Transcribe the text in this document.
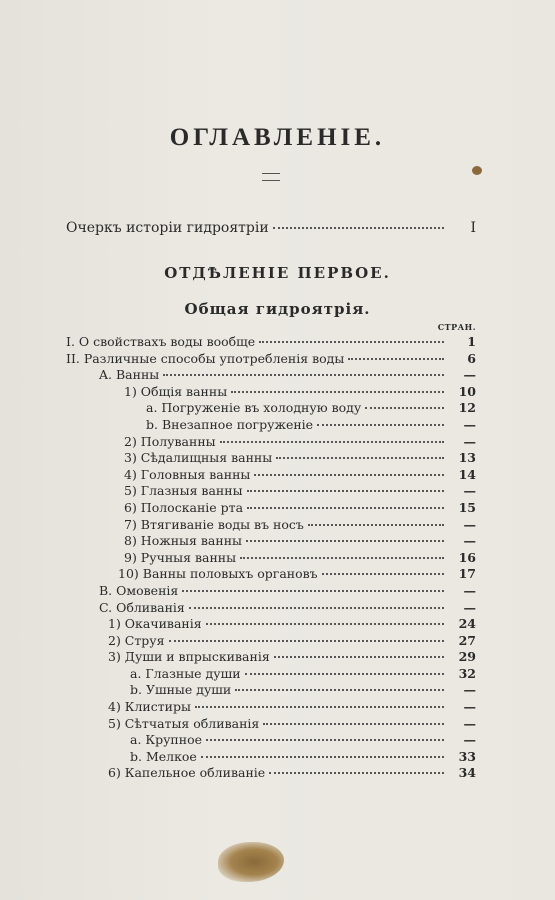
ОГЛАВЛЕНІЕ.
Очеркъ исторіи гидроятріи	I
ОТДѢЛЕНІЕ ПЕРВОЕ.
Общая гидроятрія.
СТРАН.
I. О свойствахъ воды вообще	1
II. Различные способы употребленія воды	6
A. Ванны	—
1) Общія ванны	10
a. Погруженіе въ холодную воду	12
b. Внезапное погруженіе	—
2) Полуванны	—
3) Сѣдалищныя ванны	13
4) Головныя ванны	14
5) Глазныя ванны	—
6) Полосканіе рта	15
7) Втягиваніе воды въ носъ	—
8) Ножныя ванны	—
9) Ручныя ванны	16
10) Ванны половыхъ органовъ	17
B. Омовенія	—
C. Обливанія	—
1) Окачиванія	24
2) Струя	27
3) Души и впрыскиванія	29
a. Глазные души	32
b. Ушные души	—
4) Клистиры	—
5) Сѣтчатыя обливанія	—
a. Крупное	—
b. Мелкое	33
6) Капельное обливаніе	34
